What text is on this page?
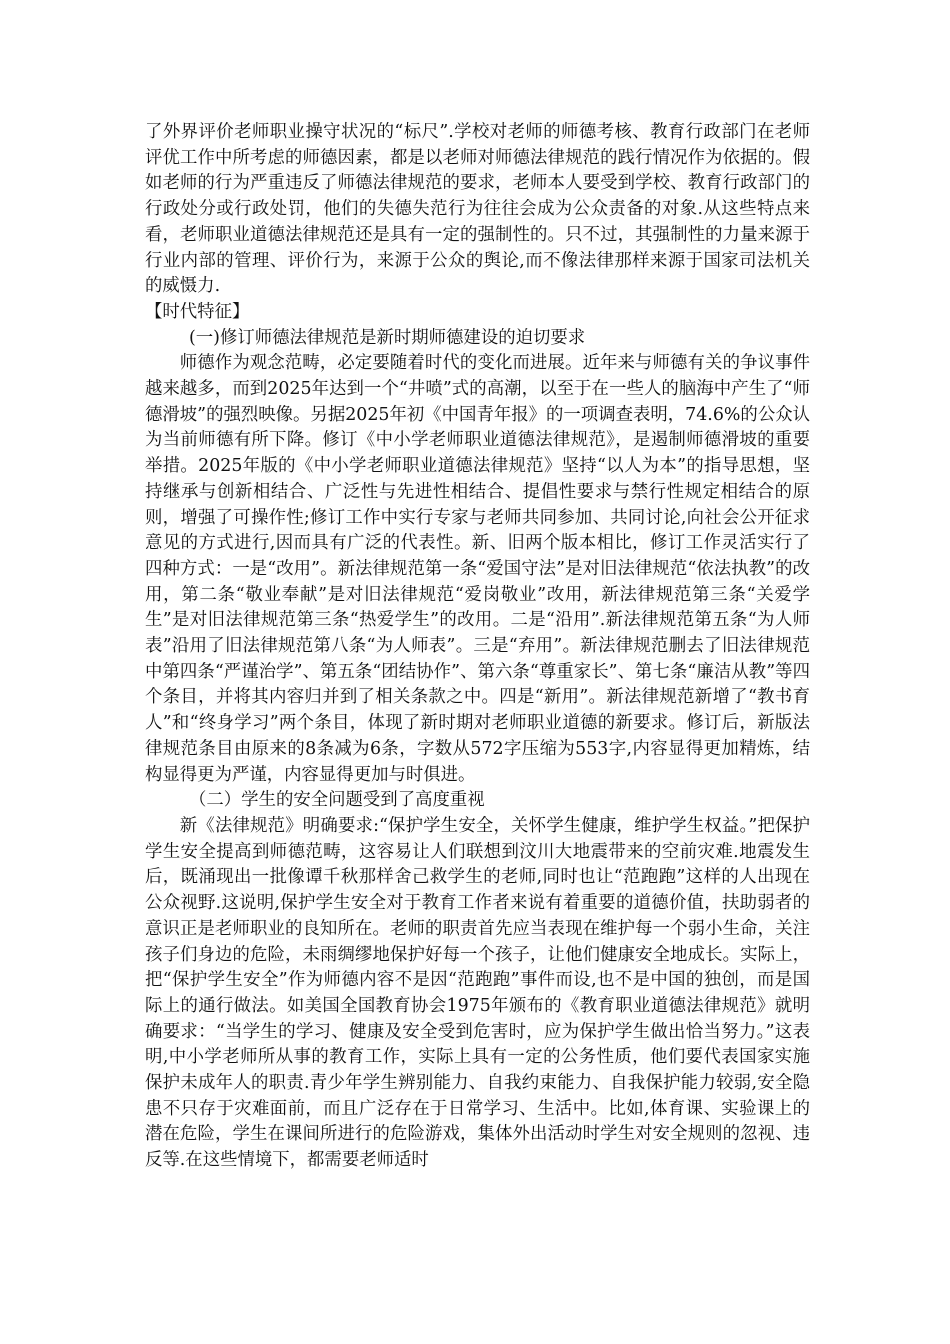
了外界评价老师职业操守状况的“标尺”.学校对老师的师德考核、教育行政部门在老师评优工作中所考虑的师德因素，都是以老师对师德法律规范的践行情况作为依据的。假如老师的行为严重违反了师德法律规范的要求，老师本人要受到学校、教育行政部门的行政处分或行政处罚，他们的失德失范行为往往会成为公众责备的对象.从这些特点来看，老师职业道德法律规范还是具有一定的强制性的。只不过，其强制性的力量来源于行业内部的管理、评价行为，来源于公众的舆论,而不像法律那样来源于国家司法机关的威慑力.

【时代特征】

(一)修订师德法律规范是新时期师德建设的迫切要求

师德作为观念范畴，必定要随着时代的变化而进展。近年来与师德有关的争议事件越来越多，而到2025年达到一个“井喷”式的高潮，以至于在一些人的脑海中产生了“师德滑坡”的强烈映像。另据2025年初《中国青年报》的一项调查表明，74.6%的公众认为当前师德有所下降。修订《中小学老师职业道德法律规范》，是遏制师德滑坡的重要举措。2025年版的《中小学老师职业道德法律规范》坚持“以人为本”的指导思想，坚持继承与创新相结合、广泛性与先进性相结合、提倡性要求与禁行性规定相结合的原则，增强了可操作性;修订工作中实行专家与老师共同参加、共同讨论,向社会公开征求意见的方式进行,因而具有广泛的代表性。新、旧两个版本相比，修订工作灵活实行了四种方式：一是“改用”。新法律规范第一条“爱国守法”是对旧法律规范“依法执教”的改用，第二条“敬业奉献”是对旧法律规范“爱岗敬业”改用，新法律规范第三条“关爱学生”是对旧法律规范第三条“热爱学生”的改用。二是“沿用”.新法律规范第五条“为人师表”沿用了旧法律规范第八条“为人师表”。三是“弃用”。新法律规范删去了旧法律规范中第四条“严谨治学”、第五条“团结协作”、第六条“尊重家长”、第七条“廉洁从教”等四个条目，并将其内容归并到了相关条款之中。四是“新用”。新法律规范新增了“教书育人”和“终身学习”两个条目，体现了新时期对老师职业道德的新要求。修订后，新版法律规范条目由原来的8条减为6条，字数从572字压缩为553字,内容显得更加精炼，结构显得更为严谨，内容显得更加与时俱进。

（二）学生的安全问题受到了高度重视

新《法律规范》明确要求:“保护学生安全，关怀学生健康，维护学生权益。”把保护学生安全提高到师德范畴，这容易让人们联想到汶川大地震带来的空前灾难.地震发生后，既涌现出一批像谭千秋那样舍己救学生的老师,同时也让“范跑跑”这样的人出现在公众视野.这说明,保护学生安全对于教育工作者来说有着重要的道德价值，扶助弱者的意识正是老师职业的良知所在。老师的职责首先应当表现在维护每一个弱小生命，关注孩子们身边的危险，未雨绸缪地保护好每一个孩子，让他们健康安全地成长。实际上，把“保护学生安全”作为师德内容不是因“范跑跑”事件而设,也不是中国的独创，而是国际上的通行做法。如美国全国教育协会1975年颁布的《教育职业道德法律规范》就明确要求：“当学生的学习、健康及安全受到危害时，应为保护学生做出恰当努力。”这表明,中小学老师所从事的教育工作，实际上具有一定的公务性质，他们要代表国家实施保护未成年人的职责.青少年学生辨别能力、自我约束能力、自我保护能力较弱,安全隐患不只存于灾难面前，而且广泛存在于日常学习、生活中。比如,体育课、实验课上的潜在危险，学生在课间所进行的危险游戏，集体外出活动时学生对安全规则的忽视、违反等.在这些情境下，都需要老师适时
